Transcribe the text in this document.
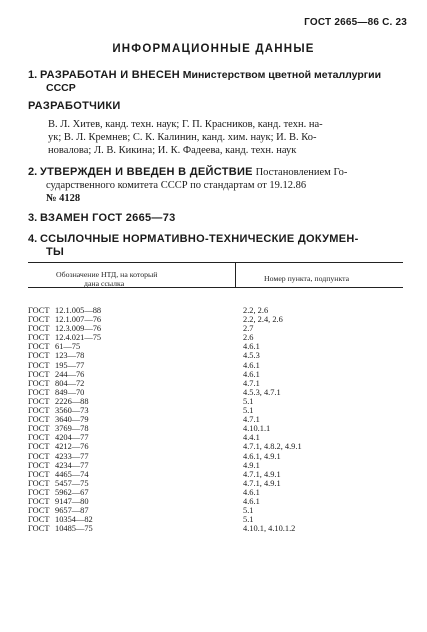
ГОСТ 2665—86 С. 23
ИНФОРМАЦИОННЫЕ ДАННЫЕ
1. РАЗРАБОТАН И ВНЕСЕН Министерством цветной металлургии
СССР
РАЗРАБОТЧИКИ
В. Л. Хитев, канд. техн. наук; Г. П. Красников, канд. техн. на-
ук; В. Л. Кремнев; С. К. Калинин, канд. хим. наук; И. В. Ко-
новалова; Л. В. Кикина; И. К. Фадеева, канд. техн. наук
2. УТВЕРЖДЕН И ВВЕДЕН В ДЕЙСТВИЕ Постановлением Го-
сударственного комитета СССР по стандартам от 19.12.86
№ 4128
3. ВЗАМЕН ГОСТ 2665—73
4. ССЫЛОЧНЫЕ НОРМАТИВНО-ТЕХНИЧЕСКИЕ ДОКУМЕН-
ТЫ
Обозначение НТД, на который
дана ссылка
Номер пункта, подпункта
ГОСТ 12.1.005—88	2.2, 2.6
ГОСТ 12.1.007—76	2.2, 2.4, 2.6
ГОСТ 12.3.009—76	2.7
ГОСТ 12.4.021—75	2.6
ГОСТ 61—75	4.6.1
ГОСТ 123—78	4.5.3
ГОСТ 195—77	4.6.1
ГОСТ 244—76	4.6.1
ГОСТ 804—72	4.7.1
ГОСТ 849—70	4.5.3, 4.7.1
ГОСТ 2226—88	5.1
ГОСТ 3560—73	5.1
ГОСТ 3640—79	4.7.1
ГОСТ 3769—78	4.10.1.1
ГОСТ 4204—77	4.4.1
ГОСТ 4212—76	4.7.1, 4.8.2, 4.9.1
ГОСТ 4233—77	4.6.1, 4.9.1
ГОСТ 4234—77	4.9.1
ГОСТ 4465—74	4.7.1, 4.9.1
ГОСТ 5457—75	4.7.1, 4.9.1
ГОСТ 5962—67	4.6.1
ГОСТ 9147—80	4.6.1
ГОСТ 9657—87	5.1
ГОСТ 10354—82	5.1
ГОСТ 10485—75	4.10.1, 4.10.1.2
